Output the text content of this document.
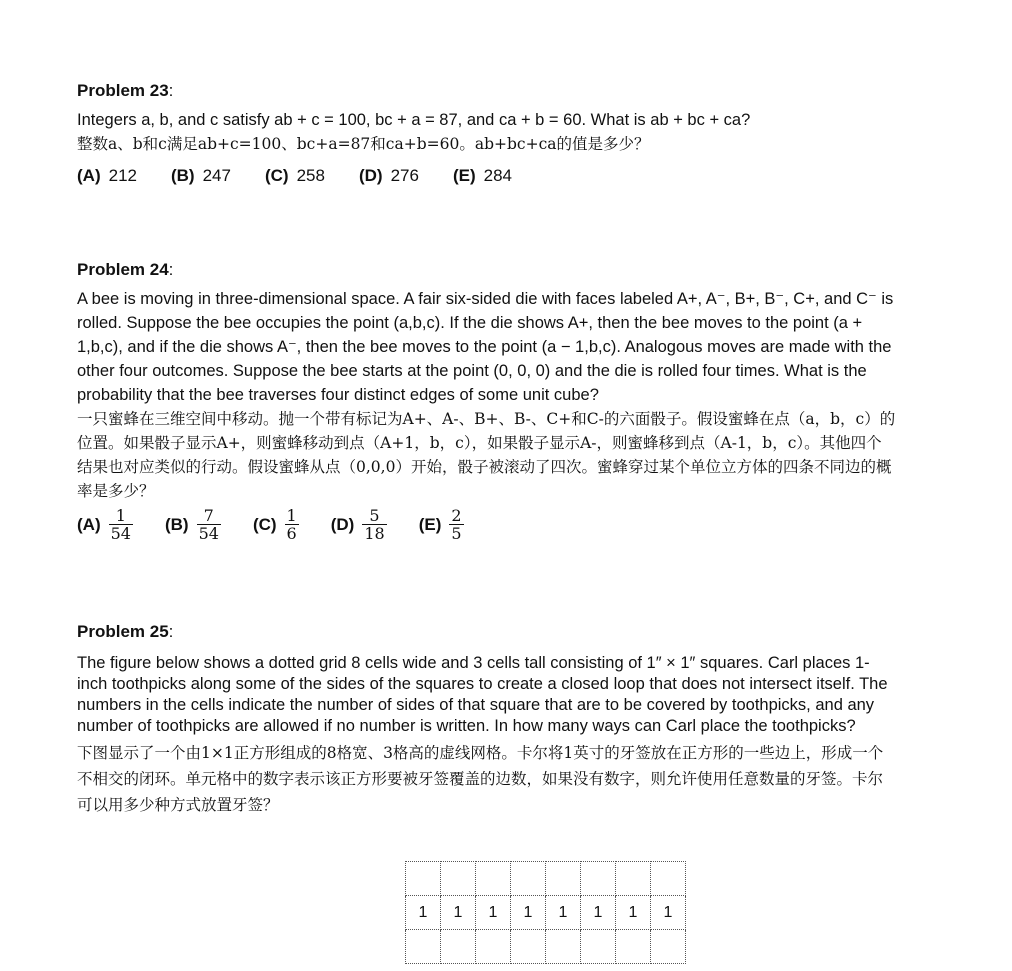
Problem 23:

Integers a, b, and c satisfy ab + c = 100, bc + a = 87, and ca + b = 60. What is ab + bc + ca?

整数a、b和c满足ab+c=100、bc+a=87和ca+b=60。ab+bc+ca的值是多少？

(A) 212 (B) 247 (C) 258 (D) 276 (E) 284
Problem 24:

A bee is moving in three-dimensional space. A fair six-sided die with faces labeled A+, A⁻, B+, B⁻, C+, and C⁻ is rolled. Suppose the bee occupies the point (a,b,c). If the die shows A+, then the bee moves to the point (a + 1,b,c), and if the die shows A⁻, then the bee moves to the point (a − 1,b,c). Analogous moves are made with the other four outcomes. Suppose the bee starts at the point (0, 0, 0) and the die is rolled four times. What is the probability that the bee traverses four distinct edges of some unit cube?

一只蜜蜂在三维空间中移动。抛一个带有标记为A+、A-、B+、B-、C+和C-的六面骰子。假设蜜蜂在点（a，b，c）的位置。如果骰子显示A+，则蜜蜂移动到点（A+1，b，c），如果骰子显示A-，则蜜蜂移到点（A-1，b，c）。其他四个结果也对应类似的行动。假设蜜蜂从点（0,0,0）开始，骰子被滚动了四次。蜜蜂穿过某个单位立方体的四条不同边的概率是多少？

$(A) \frac{1}{54} (B) \frac{7}{54} (C) \frac{1}{6} (D) \frac{5}{18} (E) \frac{2}{5}$
Problem 25:

The figure below shows a dotted grid 8 cells wide and 3 cells tall consisting of 1″ × 1″ squares. Carl places 1-inch toothpicks along some of the sides of the squares to create a closed loop that does not intersect itself. The numbers in the cells indicate the number of sides of that square that are to be covered by toothpicks, and any number of toothpicks are allowed if no number is written. In how many ways can Carl place the toothpicks?

下图显示了一个由1×1正方形组成的8格宽、3格高的虚线网格。卡尔将1英寸的牙签放在正方形的一些边上，形成一个不相交的闭环。单元格中的数字表示该正方形要被牙签覆盖的边数，如果没有数字，则允许使用任意数量的牙签。卡尔可以用多少种方式放置牙签？

1	1	1	1	1	1	1	1
